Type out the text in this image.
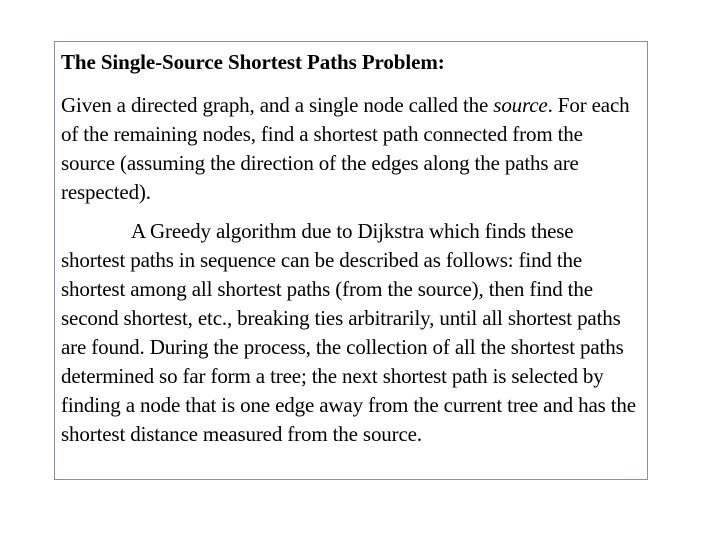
The Single-Source Shortest Paths Problem:

Given a directed graph, and a single node called the source. For each of the remaining nodes, find a shortest path connected from the source (assuming the direction of the edges along the paths are respected).

A Greedy algorithm due to Dijkstra which finds these shortest paths in sequence can be described as follows: find the shortest among all shortest paths (from the source), then find the second shortest, etc., breaking ties arbitrarily, until all shortest paths are found. During the process, the collection of all the shortest paths determined so far form a tree; the next shortest path is selected by finding a node that is one edge away from the current tree and has the shortest distance measured from the source.
